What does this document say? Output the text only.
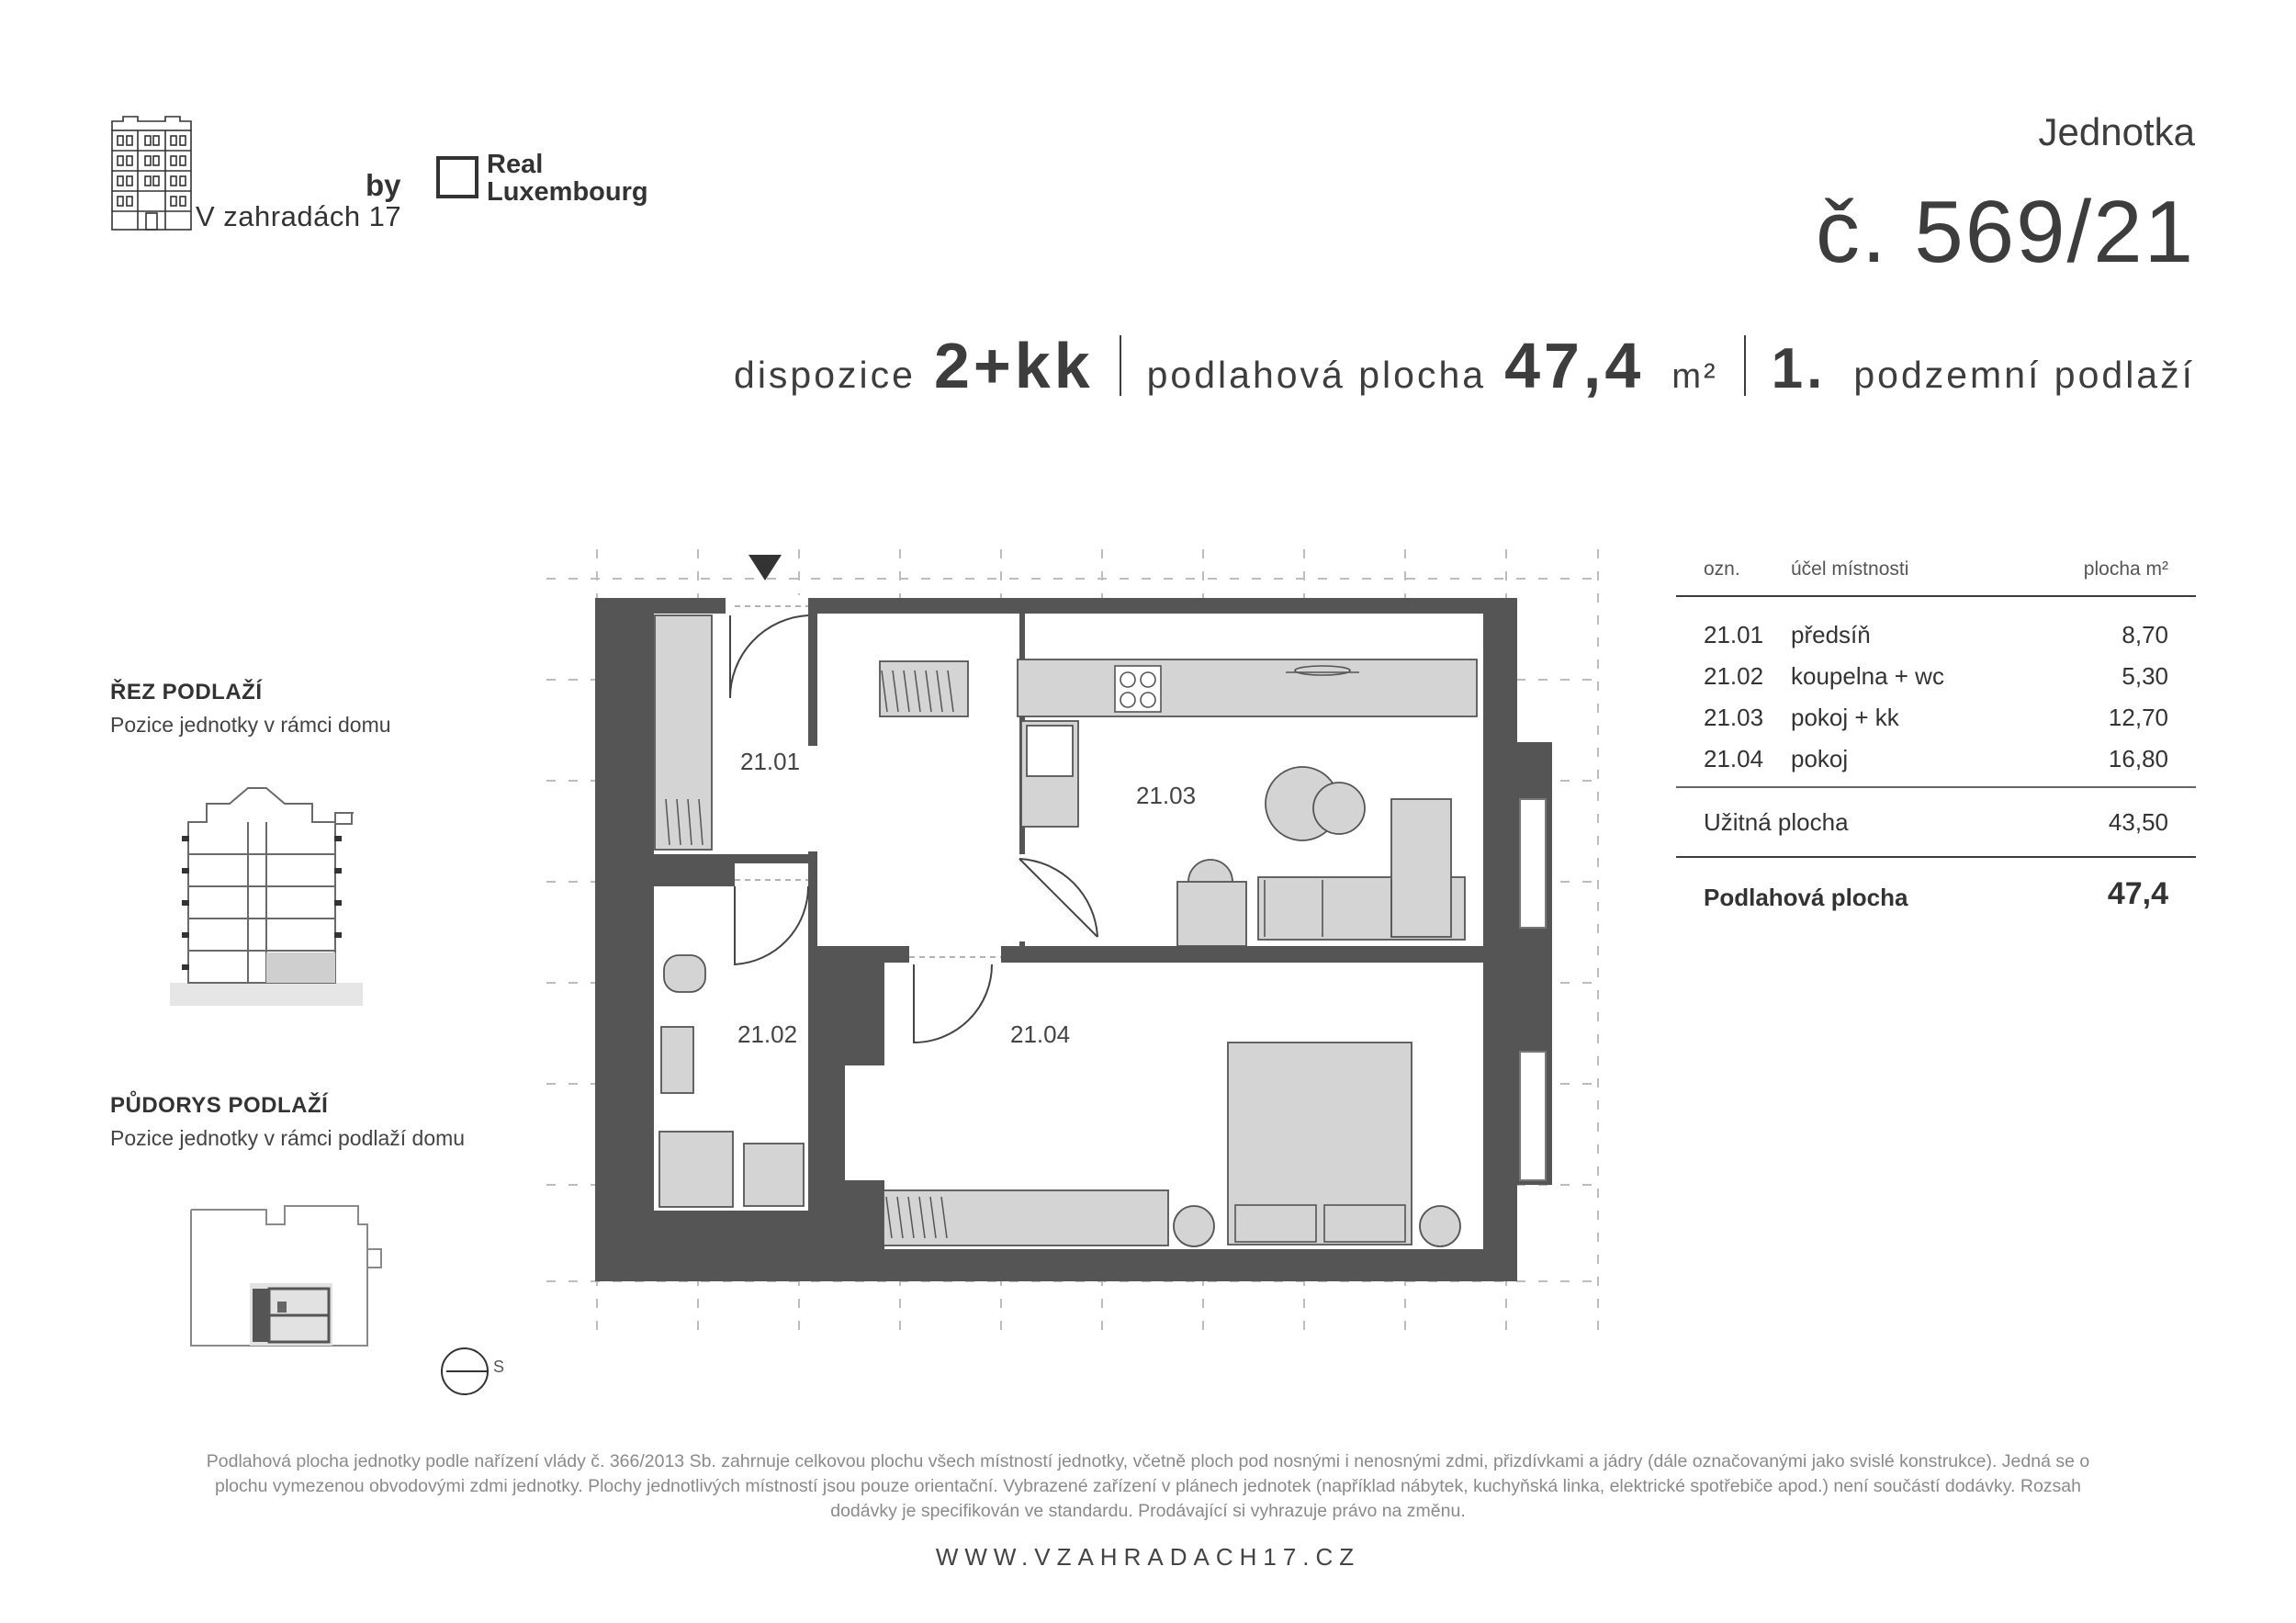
V zahradách 17
by
Real
Luxembourg
Jednotka
č. 569/21
dispozice 2+kk podlahová plocha 47,4 m² 1. podzemní podlaží
ŘEZ PODLAŽÍ
Pozice jednotky v rámci domu
PŮDORYS PODLAŽÍ
Pozice jednotky v rámci podlaží domu
S
21.01
21.02
21.03
21.04
ozn.	účel místnosti	plocha m²
21.01 předsíň	8,70
21.02 koupelna + wc	5,30
21.03 pokoj + kk	12,70
21.04 pokoj	16,80
Užitná plocha	43,50
Podlahová plocha	47,4
Podlahová plocha jednotky podle nařízení vlády č. 366/2013 Sb. zahrnuje celkovou plochu všech místností jednotky, včetně ploch pod nosnými i nenosnými zdmi, přizdívkami a jádry (dále označovanými jako svislé konstrukce). Jedná se o
plochu vymezenou obvodovými zdmi jednotky. Plochy jednotlivých místností jsou pouze orientační. Vybrazené zařízení v plánech jednotek (například nábytek, kuchyňská linka, elektrické spotřebiče apod.) není součástí dodávky. Rozsah
dodávky je specifikován ve standardu. Prodávající si vyhrazuje právo na změnu.
WWW.VZAHRADACH17.CZ
